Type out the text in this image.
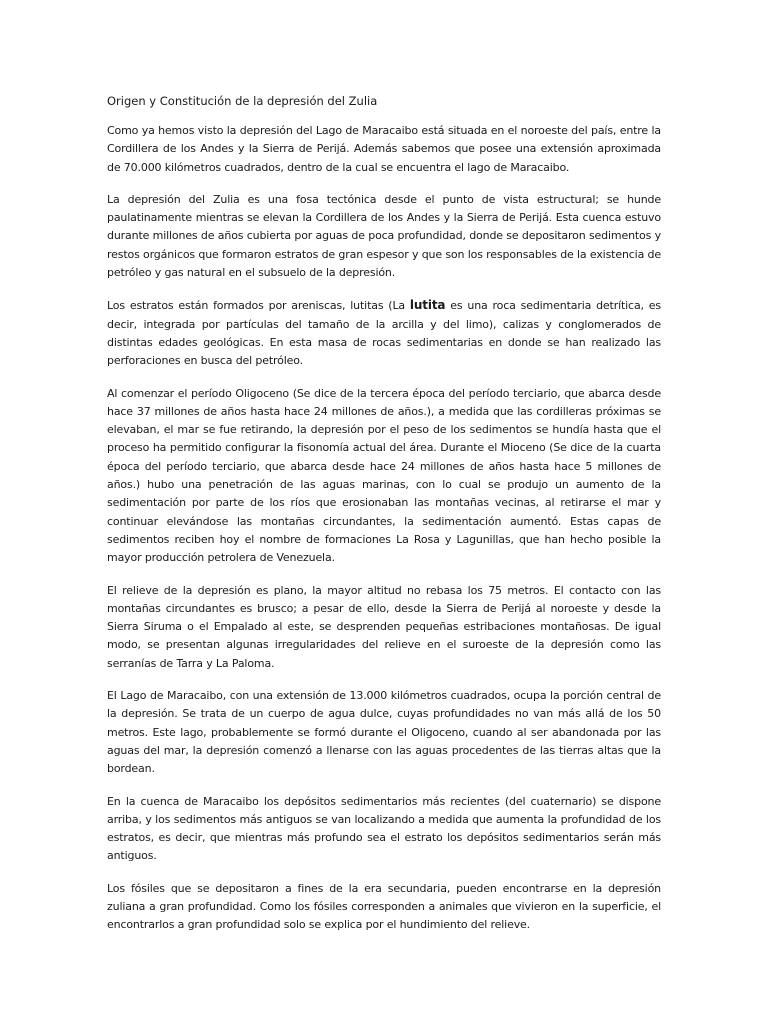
Origen y Constitución de la depresión del Zulia

Como ya hemos visto la depresión del Lago de Maracaibo está situada en el noroeste del país, entre la Cordillera de los Andes y la Sierra de Perijá. Además sabemos que posee una extensión aproximada de 70.000 kilómetros cuadrados, dentro de la cual se encuentra el lago de Maracaibo.

La depresión del Zulia es una fosa tectónica desde el punto de vista estructural; se hunde paulatinamente mientras se elevan la Cordillera de los Andes y la Sierra de Perijá. Esta cuenca estuvo durante millones de años cubierta por aguas de poca profundidad, donde se depositaron sedimentos y restos orgánicos que formaron estratos de gran espesor y que son los responsables de la existencia de petróleo y gas natural en el subsuelo de la depresión.

Los estratos están formados por areniscas, lutitas (La lutita es una roca sedimentaria detrítica, es decir, integrada por partículas del tamaño de la arcilla y del limo), calizas y conglomerados de distintas edades geológicas. En esta masa de rocas sedimentarias en donde se han realizado las perforaciones en busca del petróleo.

Al comenzar el período Oligoceno (Se dice de la tercera época del período terciario, que abarca desde hace 37 millones de años hasta hace 24 millones de años.), a medida que las cordilleras próximas se elevaban, el mar se fue retirando, la depresión por el peso de los sedimentos se hundía hasta que el proceso ha permitido configurar la fisonomía actual del área. Durante el Mioceno (Se dice de la cuarta época del período terciario, que abarca desde hace 24 millones de años hasta hace 5 millones de años.) hubo una penetración de las aguas marinas, con lo cual se produjo un aumento de la sedimentación por parte de los ríos que erosionaban las montañas vecinas, al retirarse el mar y continuar elevándose las montañas circundantes, la sedimentación aumentó. Estas capas de sedimentos reciben hoy el nombre de formaciones La Rosa y Lagunillas, que han hecho posible la mayor producción petrolera de Venezuela.

El relieve de la depresión es plano, la mayor altitud no rebasa los 75 metros. El contacto con las montañas circundantes es brusco; a pesar de ello, desde la Sierra de Perijá al noroeste y desde la Sierra Siruma o el Empalado al este, se desprenden pequeñas estribaciones montañosas. De igual modo, se presentan algunas irregularidades del relieve en el suroeste de la depresión como las serranías de Tarra y La Paloma.

El Lago de Maracaibo, con una extensión de 13.000 kilómetros cuadrados, ocupa la porción central de la depresión. Se trata de un cuerpo de agua dulce, cuyas profundidades no van más allá de los 50 metros. Este lago, probablemente se formó durante el Oligoceno, cuando al ser abandonada por las aguas del mar, la depresión comenzó a llenarse con las aguas procedentes de las tierras altas que la bordean.

En la cuenca de Maracaibo los depósitos sedimentarios más recientes (del cuaternario) se dispone arriba, y los sedimentos más antiguos se van localizando a medida que aumenta la profundidad de los estratos, es decir, que mientras más profundo sea el estrato los depósitos sedimentarios serán más antiguos.

Los fósiles que se depositaron a fines de la era secundaria, pueden encontrarse en la depresión zuliana a gran profundidad. Como los fósiles corresponden a animales que vivieron en la superficie, el encontrarlos a gran profundidad solo se explica por el hundimiento del relieve.
